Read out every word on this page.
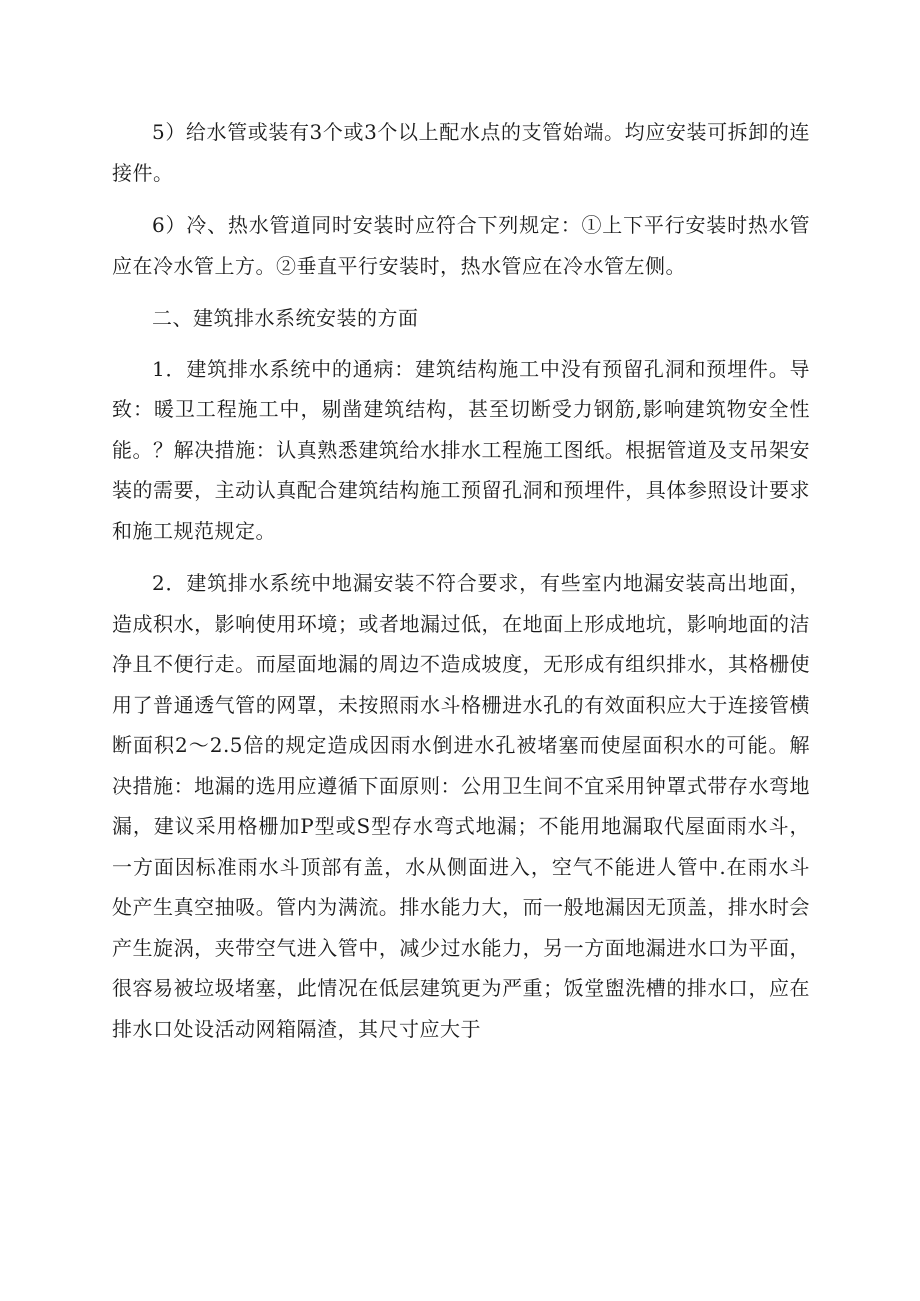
5）给水管或装有3个或3个以上配水点的支管始端。均应安装可拆卸的连接件。

6）冷、热水管道同时安装时应符合下列规定：①上下平行安装时热水管应在冷水管上方。②垂直平行安装时，热水管应在冷水管左侧。

二、建筑排水系统安装的方面

1．建筑排水系统中的通病：建筑结构施工中没有预留孔洞和预埋件。导致：暖卫工程施工中，剔凿建筑结构，甚至切断受力钢筋,影响建筑物安全性能。？解决措施：认真熟悉建筑给水排水工程施工图纸。根据管道及支吊架安装的需要，主动认真配合建筑结构施工预留孔洞和预埋件，具体参照设计要求和施工规范规定。

2．建筑排水系统中地漏安装不符合要求，有些室内地漏安装高出地面，造成积水，影响使用环境；或者地漏过低，在地面上形成地坑，影响地面的洁净且不便行走。而屋面地漏的周边不造成坡度，无形成有组织排水，其格栅使用了普通透气管的网罩，未按照雨水斗格栅进水孔的有效面积应大于连接管横断面积2～2.5倍的规定造成因雨水倒进水孔被堵塞而使屋面积水的可能。解决措施：地漏的选用应遵循下面原则：公用卫生间不宜采用钟罩式带存水弯地漏，建议采用格栅加P型或S型存水弯式地漏；不能用地漏取代屋面雨水斗，一方面因标准雨水斗顶部有盖，水从侧面进入，空气不能进人管中.在雨水斗处产生真空抽吸。管内为满流。排水能力大，而一般地漏因无顶盖，排水时会产生旋涡，夹带空气进入管中，减少过水能力，另一方面地漏进水口为平面，很容易被垃圾堵塞，此情况在低层建筑更为严重；饭堂盥洗槽的排水口，应在排水口处设活动网箱隔渣，其尺寸应大于
